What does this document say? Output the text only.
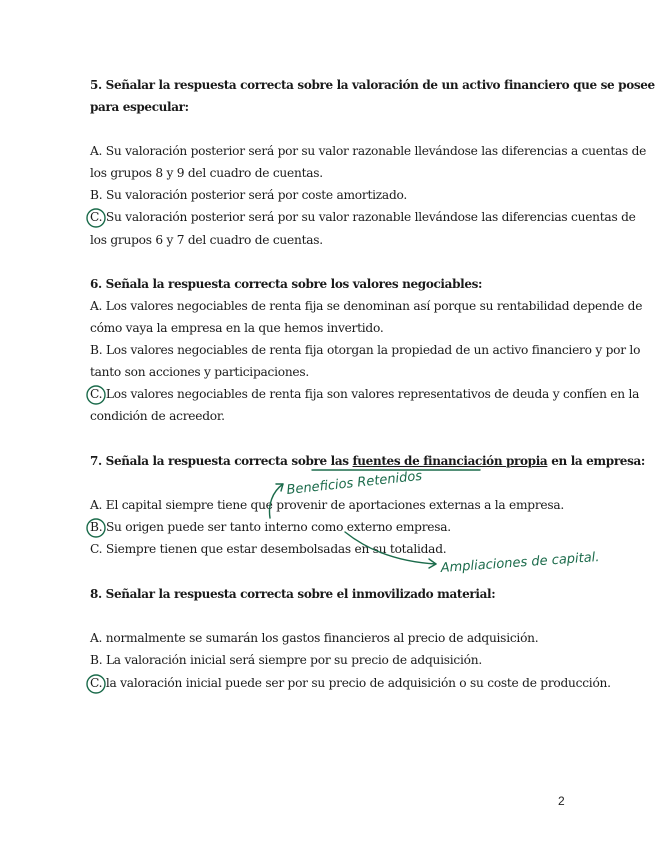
5. Señalar la respuesta correcta sobre la valoración de un activo financiero que se posee
para especular:
A. Su valoración posterior será por su valor razonable llevándose las diferencias a cuentas de
los grupos 8 y 9 del cuadro de cuentas.
B. Su valoración posterior será por coste amortizado.
C. Su valoración posterior será por su valor razonable llevándose las diferencias cuentas de
los grupos 6 y 7 del cuadro de cuentas.
6. Señala la respuesta correcta sobre los valores negociables:
A. Los valores negociables de renta fija se denominan así porque su rentabilidad depende de
cómo vaya la empresa en la que hemos invertido.
B. Los valores negociables de renta fija otorgan la propiedad de un activo financiero y por lo
tanto son acciones y participaciones.
C. Los valores negociables de renta fija son valores representativos de deuda y confíen en la
condición de acreedor.
7. Señala la respuesta correcta sobre las fuentes de financiación propia en la empresa:
A. El capital siempre tiene que provenir de aportaciones externas a la empresa.
B. Su origen puede ser tanto interno como externo empresa.
C. Siempre tienen que estar desembolsadas en su totalidad.
8. Señalar la respuesta correcta sobre el inmovilizado material:
A. normalmente se sumarán los gastos financieros al precio de adquisición.
B. La valoración inicial será siempre por su precio de adquisición.
C. la valoración inicial puede ser por su precio de adquisición o su coste de producción.
2
Beneficios Retenidos
Ampliaciones de capital.
